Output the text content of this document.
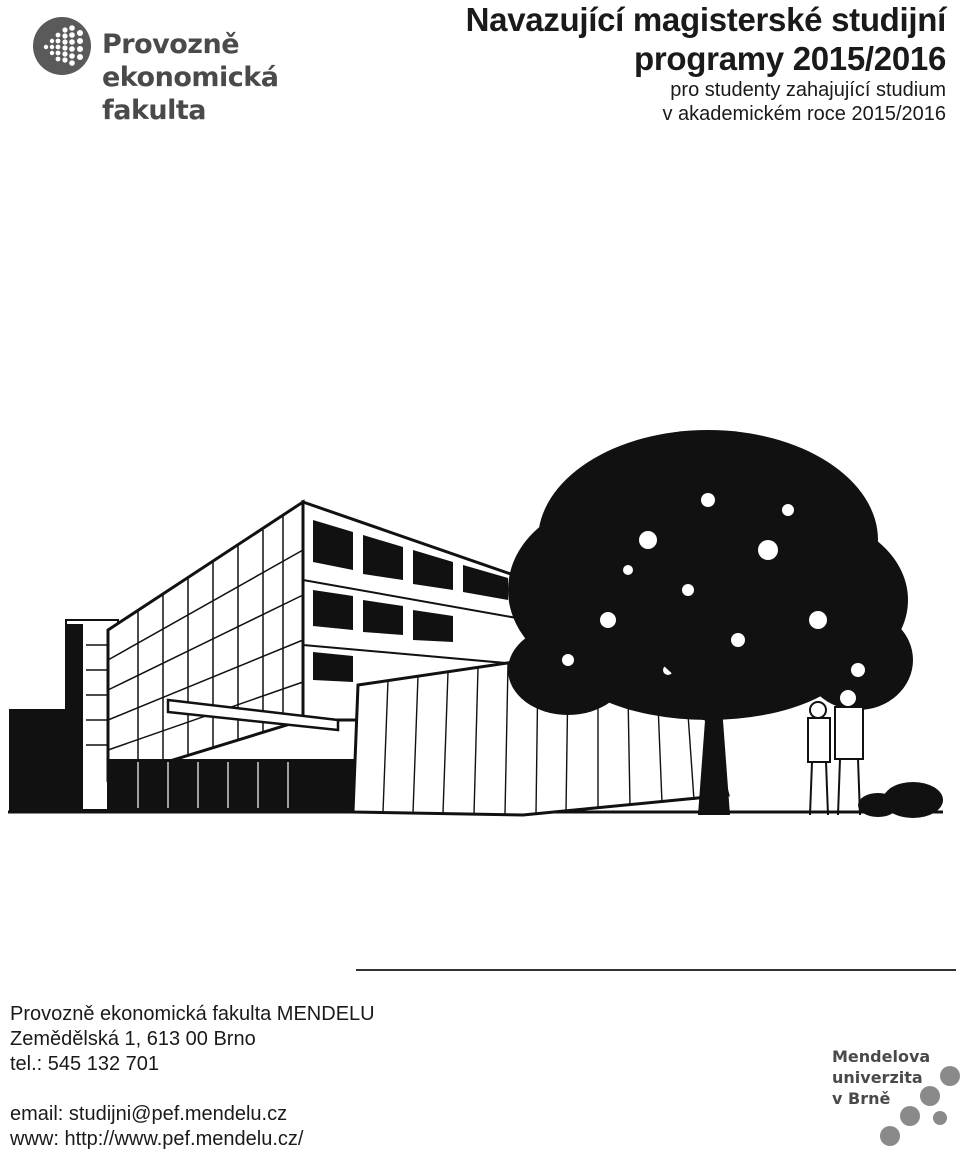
Provozně
ekonomická
fakulta
Navazující magisterské studijní
programy 2015/2016
pro studenty zahajující studium
v akademickém roce 2015/2016
Provozně ekonomická fakulta MENDELU
Zemědělská 1, 613 00 Brno
tel.: 545 132 701
email: studijni@pef.mendelu.cz
www: http://www.pef.mendelu.cz/
Mendelova
univerzita
v Brně
